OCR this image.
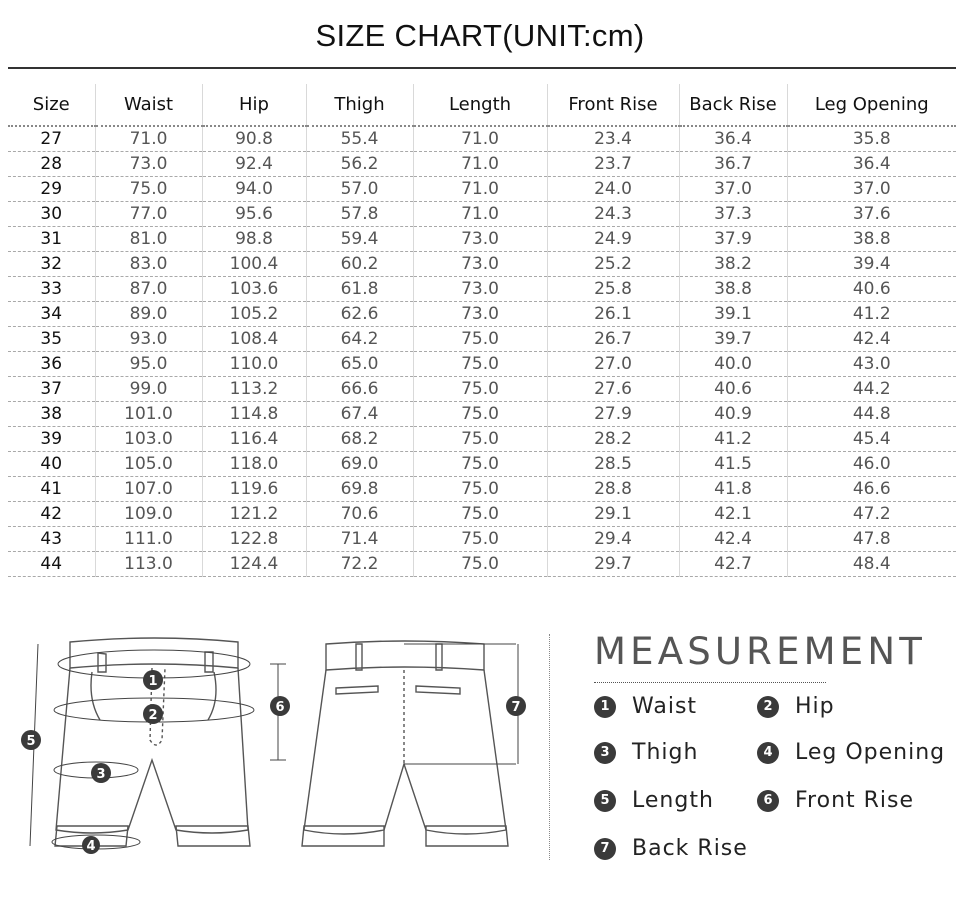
SIZE CHART(UNIT:cm)
Size	Waist	Hip	Thigh	Length	Front Rise	Back Rise	Leg Opening
27	71.0	90.8	55.4	71.0	23.4	36.4	35.8
28	73.0	92.4	56.2	71.0	23.7	36.7	36.4
29	75.0	94.0	57.0	71.0	24.0	37.0	37.0
30	77.0	95.6	57.8	71.0	24.3	37.3	37.6
31	81.0	98.8	59.4	73.0	24.9	37.9	38.8
32	83.0	100.4	60.2	73.0	25.2	38.2	39.4
33	87.0	103.6	61.8	73.0	25.8	38.8	40.6
34	89.0	105.2	62.6	73.0	26.1	39.1	41.2
35	93.0	108.4	64.2	75.0	26.7	39.7	42.4
36	95.0	110.0	65.0	75.0	27.0	40.0	43.0
37	99.0	113.2	66.6	75.0	27.6	40.6	44.2
38	101.0	114.8	67.4	75.0	27.9	40.9	44.8
39	103.0	116.4	68.2	75.0	28.2	41.2	45.4
40	105.0	118.0	69.0	75.0	28.5	41.5	46.0
41	107.0	119.6	69.8	75.0	28.8	41.8	46.6
42	109.0	121.2	70.6	75.0	29.1	42.1	47.2
43	111.0	122.8	71.4	75.0	29.4	42.4	47.8
44	113.0	124.4	72.2	75.0	29.7	42.7	48.4
1
2
3
4
5
6	7
MEASUREMENT
1 Waist	2 Hip
3 Thigh	4 Leg Opening
5 Length	6 Front Rise
7 Back Rise
